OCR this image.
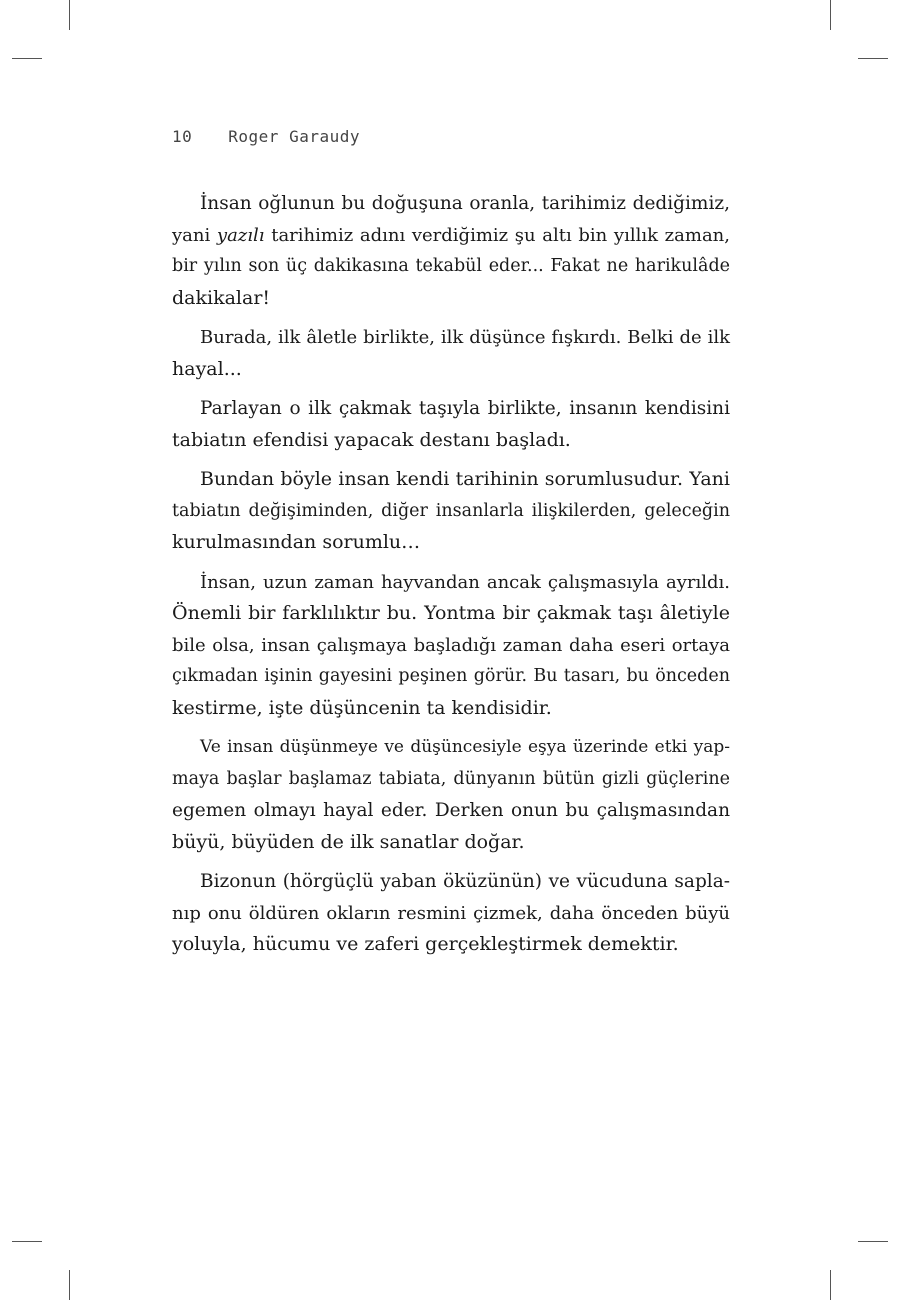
10 Roger Garaudy

İnsan oğlunun bu doğuşuna oranla, tarihimiz dediğimiz,
yani yazılı tarihimiz adını verdiğimiz şu altı bin yıllık zaman,
bir yılın son üç dakikasına tekabül eder... Fakat ne harikulâde
dakikalar!

Burada, ilk âletle birlikte, ilk düşünce fışkırdı. Belki de ilk
hayal...

Parlayan o ilk çakmak taşıyla birlikte, insanın kendisini
tabiatın efendisi yapacak destanı başladı.

Bundan böyle insan kendi tarihinin sorumlusudur. Yani
tabiatın değişiminden, diğer insanlarla ilişkilerden, geleceğin
kurulmasından sorumlu…

İnsan, uzun zaman hayvandan ancak çalışmasıyla ayrıldı.
Önemli bir farklılıktır bu. Yontma bir çakmak taşı âletiyle
bile olsa, insan çalışmaya başladığı zaman daha eseri ortaya
çıkmadan işinin gayesini peşinen görür. Bu tasarı, bu önceden
kestirme, işte düşüncenin ta kendisidir.

Ve insan düşünmeye ve düşüncesiyle eşya üzerinde etki yap-
maya başlar başlamaz tabiata, dünyanın bütün gizli güçlerine
egemen olmayı hayal eder. Derken onun bu çalışmasından
büyü, büyüden de ilk sanatlar doğar.

Bizonun (hörgüçlü yaban öküzünün) ve vücuduna sapla-
nıp onu öldüren okların resmini çizmek, daha önceden büyü
yoluyla, hücumu ve zaferi gerçekleştirmek demektir.
